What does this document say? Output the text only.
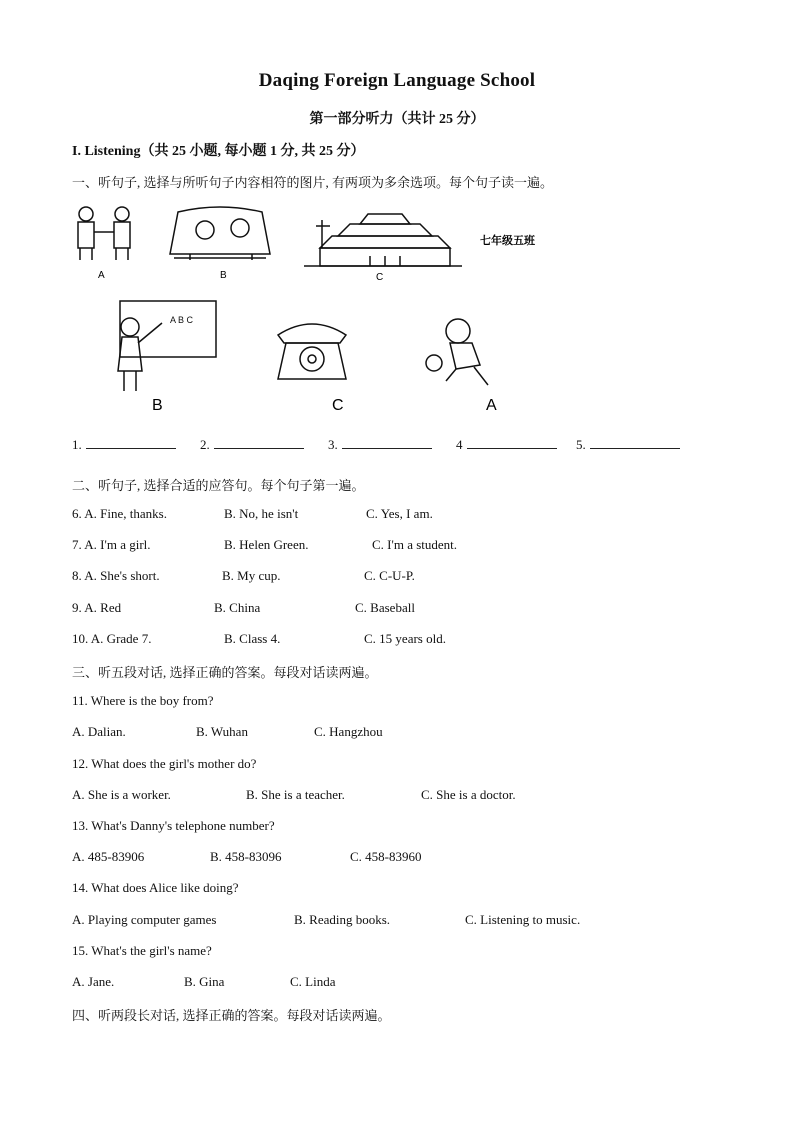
Daqing Foreign Language School
第一部分听力（共计 25 分）
I. Listening（共 25 小题, 每小题 1 分, 共 25 分）
一、听句子, 选择与所听句子内容相符的图片, 有两项为多余选项。每个句子读一遍。
A	B	C
七年级五班
A B C
B	C	A
1.	2.	3.	4	5.
二、听句子, 选择合适的应答句。每个句子第一遍。
6. A. Fine, thanks.	B. No, he isn't	C. Yes, I am.
7. A. I'm a girl.	B. Helen Green.	C. I'm a student.
8. A. She's short.	B. My cup.	C. C-U-P.
9. A. Red	B. China	C. Baseball
10. A. Grade 7.	B. Class 4.	C. 15 years old.
三、听五段对话, 选择正确的答案。每段对话读两遍。
11. Where is the boy from?
A. Dalian.	B. Wuhan	C. Hangzhou
12. What does the girl's mother do?
A. She is a worker.	B. She is a teacher.	C. She is a doctor.
13. What's Danny's telephone number?
A. 485-83906	B. 458-83096	C. 458-83960
14. What does Alice like doing?
A. Playing computer games	B. Reading books.	C. Listening to music.
15. What's the girl's name?
A. Jane.	B. Gina	C. Linda
四、听两段长对话, 选择正确的答案。每段对话读两遍。
